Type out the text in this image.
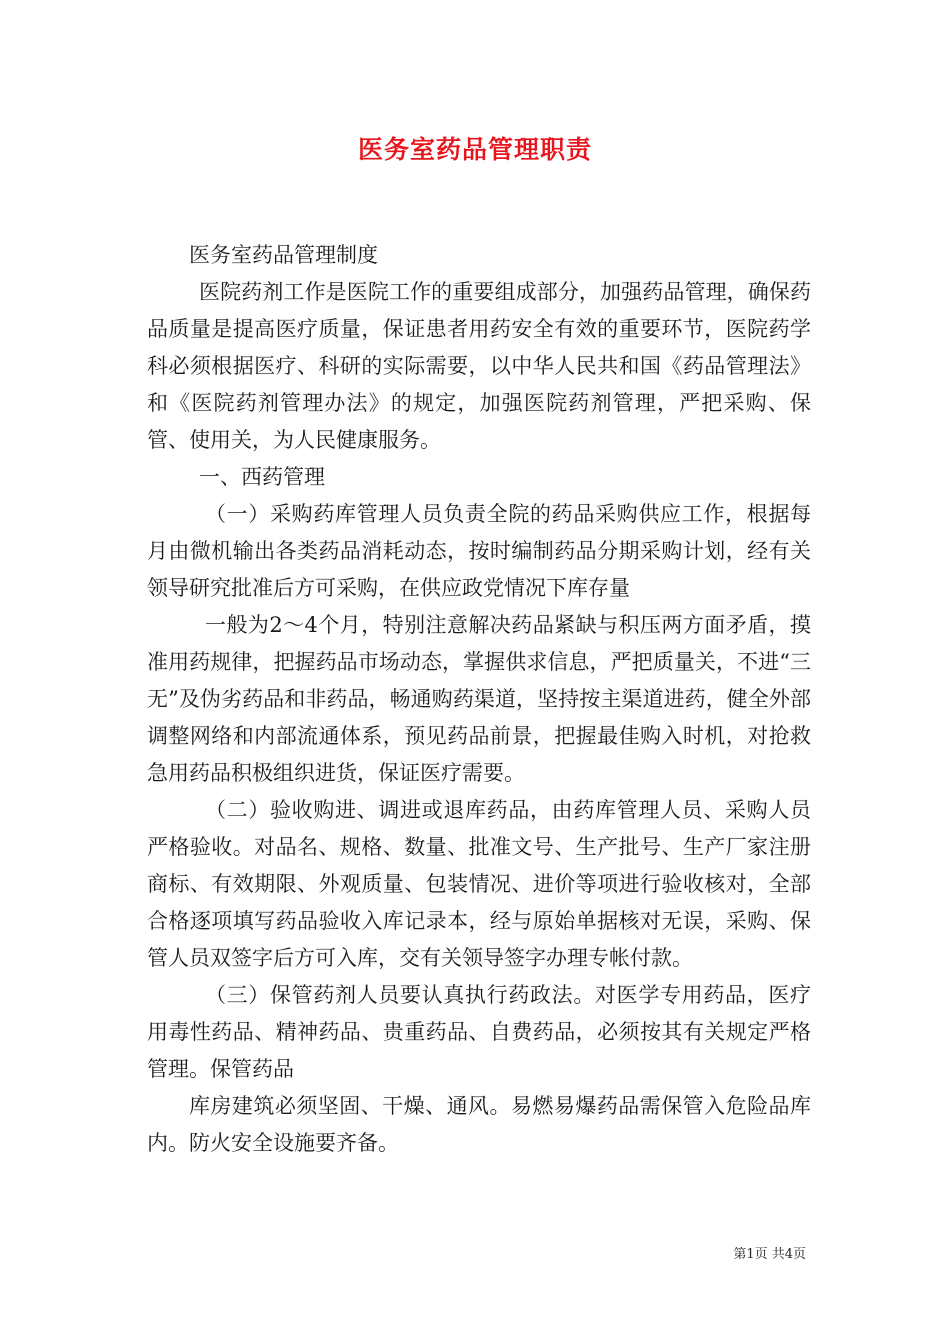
医务室药品管理职责

医务室药品管理制度

医院药剂工作是医院工作的重要组成部分，加强药品管理，确保药品质量是提高医疗质量，保证患者用药安全有效的重要环节，医院药学科必须根据医疗、科研的实际需要，以中华人民共和国《药品管理法》和《医院药剂管理办法》的规定，加强医院药剂管理，严把采购、保管、使用关，为人民健康服务。

一、西药管理

（一）采购药库管理人员负责全院的药品采购供应工作，根据每月由微机输出各类药品消耗动态，按时编制药品分期采购计划，经有关领导研究批准后方可采购，在供应政党情况下库存量

一般为2～4个月，特别注意解决药品紧缺与积压两方面矛盾，摸准用药规律，把握药品市场动态，掌握供求信息，严把质量关，不进“三无”及伪劣药品和非药品，畅通购药渠道，坚持按主渠道进药，健全外部调整网络和内部流通体系，预见药品前景，把握最佳购入时机，对抢救急用药品积极组织进货，保证医疗需要。

（二）验收购进、调进或退库药品，由药库管理人员、采购人员严格验收。对品名、规格、数量、批准文号、生产批号、生产厂家注册商标、有效期限、外观质量、包装情况、进价等项进行验收核对，全部合格逐项填写药品验收入库记录本，经与原始单据核对无误，采购、保管人员双签字后方可入库，交有关领导签字办理专帐付款。

（三）保管药剂人员要认真执行药政法。对医学专用药品，医疗用毒性药品、精神药品、贵重药品、自费药品，必须按其有关规定严格管理。保管药品

库房建筑必须坚固、干燥、通风。易燃易爆药品需保管入危险品库内。防火安全设施要齐备。

第1页 共4页
